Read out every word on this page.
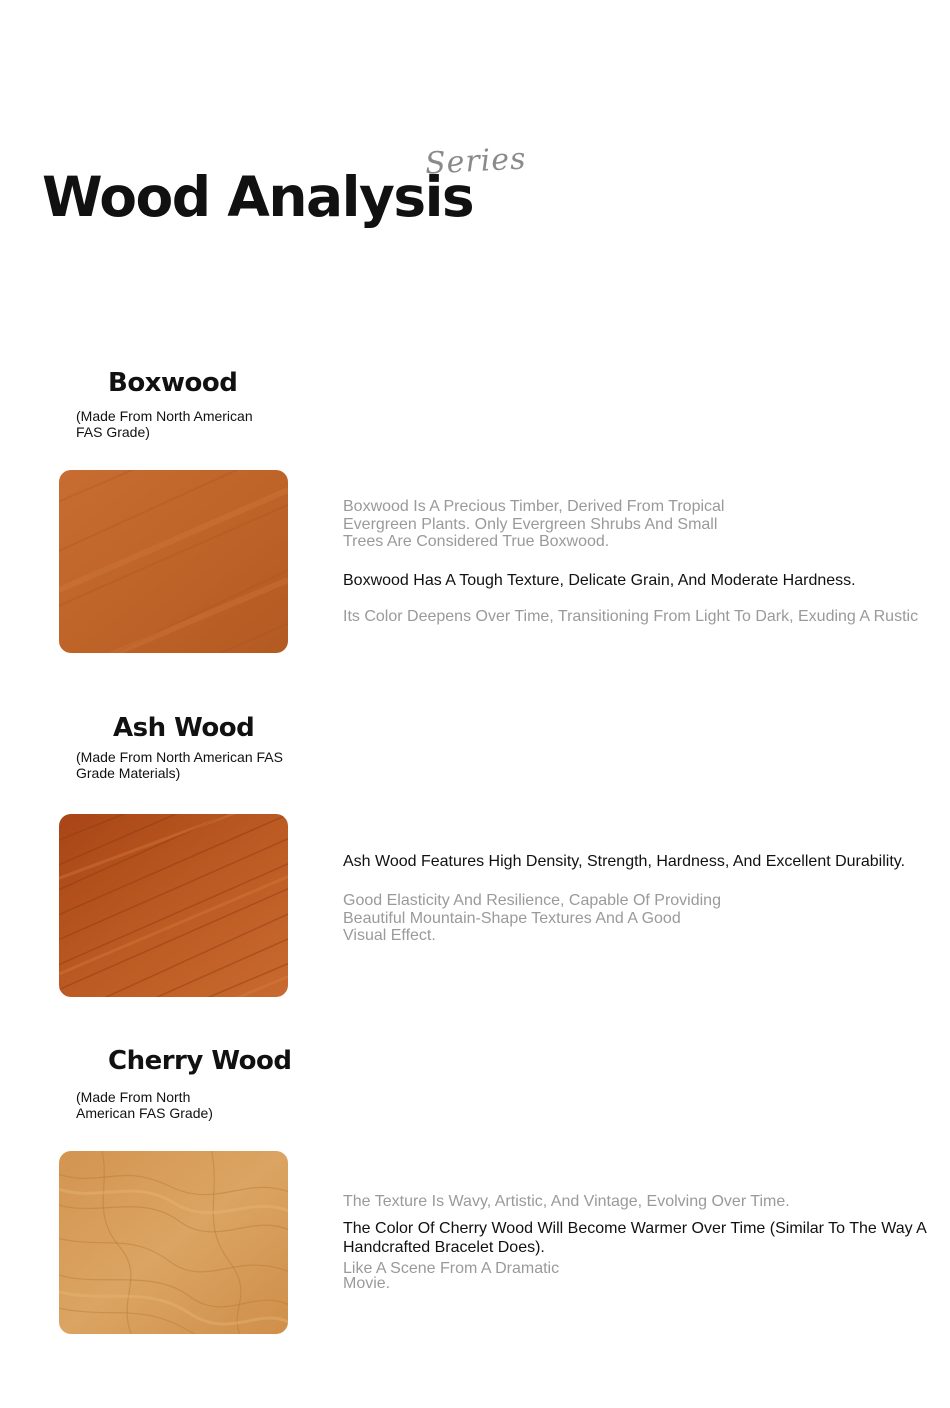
Wood Analysis
Series
Boxwood

(Made From North American FAS Grade)

Boxwood Is A Precious Timber, Derived From Tropical Evergreen Plants. Only Evergreen Shrubs And Small Trees Are Considered True Boxwood.

Boxwood Has A Tough Texture, Delicate Grain, And Moderate Hardness.

Its Color Deepens Over Time, Transitioning From Light To Dark, Exuding A Rustic

Ash Wood

(Made From North American FAS Grade Materials)

Ash Wood Features High Density, Strength, Hardness, And Excellent Durability.

Good Elasticity And Resilience, Capable Of Providing Beautiful Mountain-Shape Textures And A Good Visual Effect.

Cherry Wood

(Made From North American FAS Grade)

The Texture Is Wavy, Artistic, And Vintage, Evolving Over Time.

The Color Of Cherry Wood Will Become Warmer Over Time (Similar To The Way A Handcrafted Bracelet Does).

Like A Scene From A Dramatic Movie.
